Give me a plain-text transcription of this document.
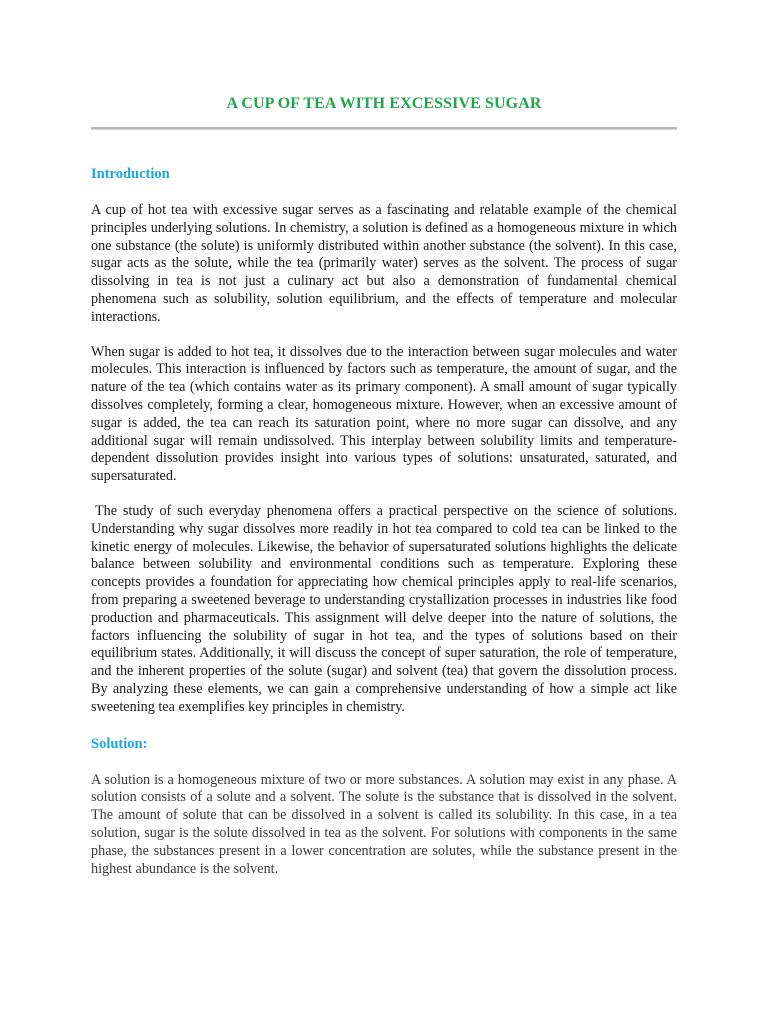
A CUP OF TEA WITH EXCESSIVE SUGAR
Introduction

A cup of hot tea with excessive sugar serves as a fascinating and relatable example of the chemical principles underlying solutions. In chemistry, a solution is defined as a homogeneous mixture in which one substance (the solute) is uniformly distributed within another substance (the solvent). In this case, sugar acts as the solute, while the tea (primarily water) serves as the solvent. The process of sugar dissolving in tea is not just a culinary act but also a demonstration of fundamental chemical phenomena such as solubility, solution equilibrium, and the effects of temperature and molecular interactions.

When sugar is added to hot tea, it dissolves due to the interaction between sugar molecules and water molecules. This interaction is influenced by factors such as temperature, the amount of sugar, and the nature of the tea (which contains water as its primary component). A small amount of sugar typically dissolves completely, forming a clear, homogeneous mixture. However, when an excessive amount of sugar is added, the tea can reach its saturation point, where no more sugar can dissolve, and any additional sugar will remain undissolved. This interplay between solubility limits and temperature-dependent dissolution provides insight into various types of solutions: unsaturated, saturated, and supersaturated.

The study of such everyday phenomena offers a practical perspective on the science of solutions. Understanding why sugar dissolves more readily in hot tea compared to cold tea can be linked to the kinetic energy of molecules. Likewise, the behavior of supersaturated solutions highlights the delicate balance between solubility and environmental conditions such as temperature. Exploring these concepts provides a foundation for appreciating how chemical principles apply to real-life scenarios, from preparing a sweetened beverage to understanding crystallization processes in industries like food production and pharmaceuticals. This assignment will delve deeper into the nature of solutions, the factors influencing the solubility of sugar in hot tea, and the types of solutions based on their equilibrium states. Additionally, it will discuss the concept of super saturation, the role of temperature, and the inherent properties of the solute (sugar) and solvent (tea) that govern the dissolution process. By analyzing these elements, we can gain a comprehensive understanding of how a simple act like sweetening tea exemplifies key principles in chemistry.

Solution:

A solution is a homogeneous mixture of two or more substances. A solution may exist in any phase. A solution consists of a solute and a solvent. The solute is the substance that is dissolved in the solvent. The amount of solute that can be dissolved in a solvent is called its solubility. In this case, in a tea solution, sugar is the solute dissolved in tea as the solvent. For solutions with components in the same phase, the substances present in a lower concentration are solutes, while the substance present in the highest abundance is the solvent.
